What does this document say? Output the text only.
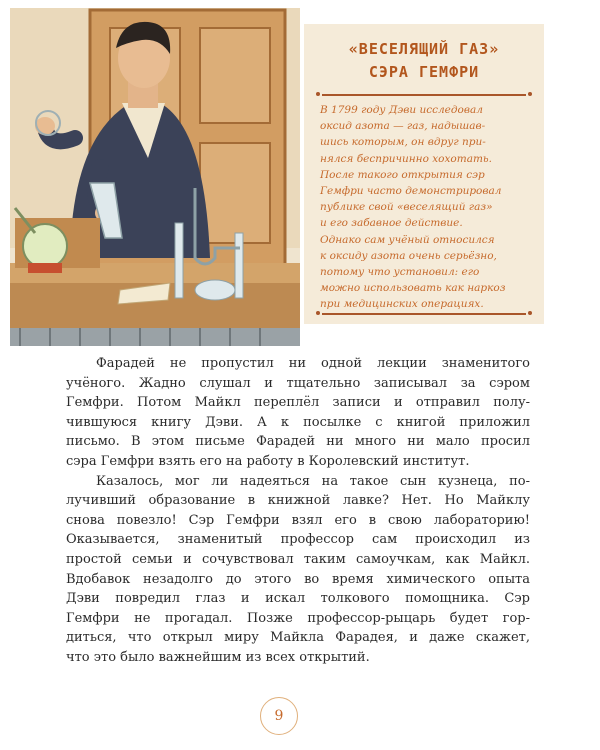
«ВЕСЕЛЯЩИЙ ГАЗ»
СЭРА ГЕМФРИ
В 1799 году Дэви исследовал
оксид азота — газ, надышав-
шись которым, он вдруг при-
нялся беспричинно хохотать.
После такого открытия сэр
Гемфри часто демонстрировал
публике свой «веселящий газ»
и его забавное действие.
Однако сам учёный относился
к оксиду азота очень серьёзно,
потому что установил: его
можно использовать как наркоз
при медицинских операциях.
Фарадей не пропустил ни одной лекции знаменитого
учёного. Жадно слушал и тщательно записывал за сэром
Гемфри. Потом Майкл переплёл записи и отправил полу-
чившуюся книгу Дэви. А к посылке с книгой приложил
письмо. В этом письме Фарадей ни много ни мало просил
сэра Гемфри взять его на работу в Королевский институт.
Казалось, мог ли надеяться на такое сын кузнеца, по-
лучивший образование в книжной лавке? Нет. Но Майклу
снова повезло! Сэр Гемфри взял его в свою лабораторию!
Оказывается, знаменитый профессор сам происходил из
простой семьи и сочувствовал таким самоучкам, как Майкл.
Вдобавок незадолго до этого во время химического опыта
Дэви повредил глаз и искал толкового помощника. Сэр
Гемфри не прогадал. Позже профессор-рыцарь будет гор-
диться, что открыл миру Майкла Фарадея, и даже скажет,
что это было важнейшим из всех открытий.
9
